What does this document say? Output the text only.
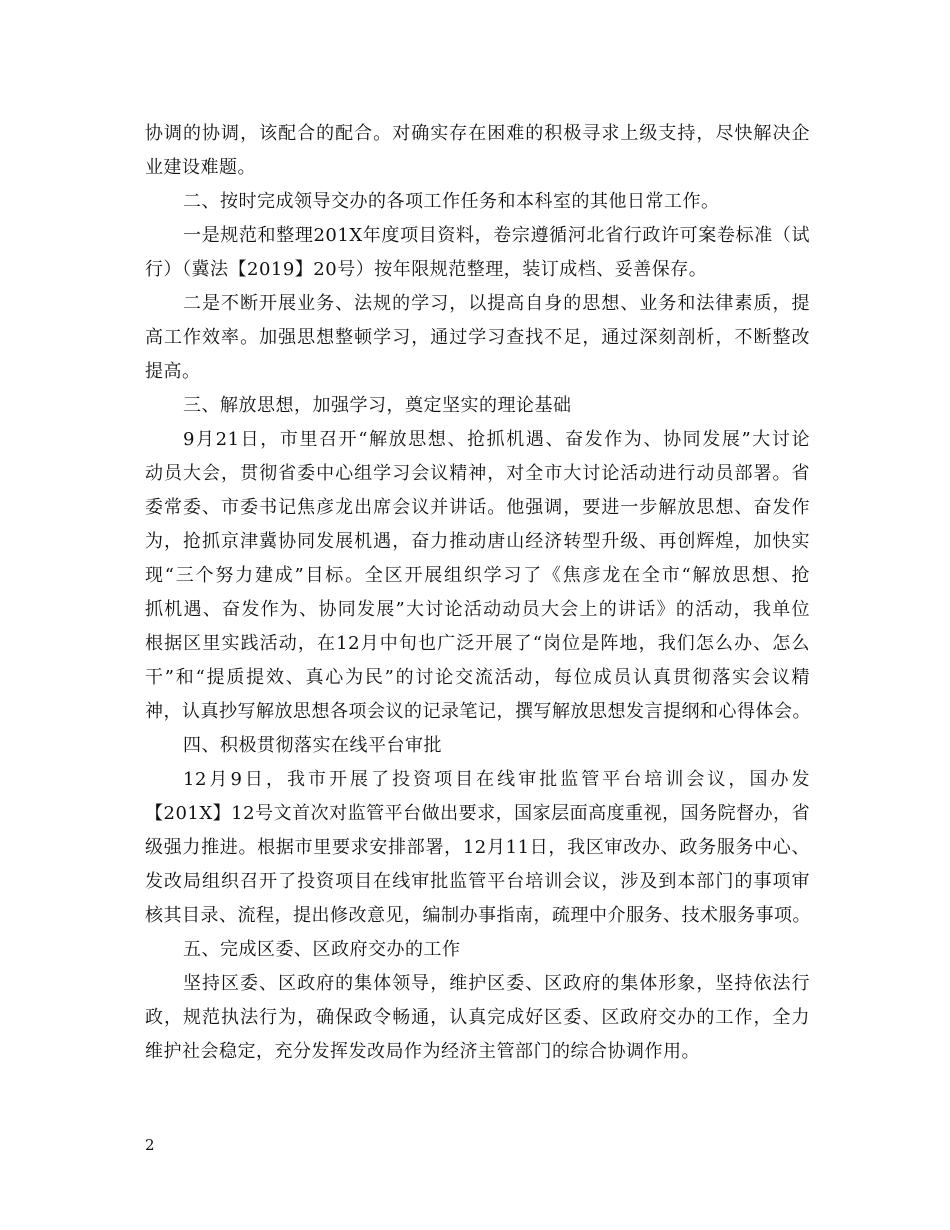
协调的协调，该配合的配合。对确实存在困难的积极寻求上级支持，尽快解决企
业建设难题。
二、按时完成领导交办的各项工作任务和本科室的其他日常工作。
一是规范和整理201X年度项目资料，卷宗遵循河北省行政许可案卷标准（试
行）（冀法【2019】20号）按年限规范整理，装订成档、妥善保存。
二是不断开展业务、法规的学习，以提高自身的思想、业务和法律素质，提
高工作效率。加强思想整顿学习，通过学习查找不足，通过深刻剖析，不断整改
提高。
三、解放思想，加强学习，奠定坚实的理论基础
9月21日，市里召开“解放思想、抢抓机遇、奋发作为、协同发展”大讨论
动员大会，贯彻省委中心组学习会议精神，对全市大讨论活动进行动员部署。省
委常委、市委书记焦彦龙出席会议并讲话。他强调，要进一步解放思想、奋发作
为，抢抓京津冀协同发展机遇，奋力推动唐山经济转型升级、再创辉煌，加快实
现“三个努力建成”目标。全区开展组织学习了《焦彦龙在全市“解放思想、抢
抓机遇、奋发作为、协同发展”大讨论活动动员大会上的讲话》的活动，我单位
根据区里实践活动，在12月中旬也广泛开展了“岗位是阵地，我们怎么办、怎么
干”和“提质提效、真心为民”的讨论交流活动，每位成员认真贯彻落实会议精
神，认真抄写解放思想各项会议的记录笔记，撰写解放思想发言提纲和心得体会。
四、积极贯彻落实在线平台审批
12月9日，我市开展了投资项目在线审批监管平台培训会议，国办发
【201X】12号文首次对监管平台做出要求，国家层面高度重视，国务院督办，省
级强力推进。根据市里要求安排部署，12月11日，我区审改办、政务服务中心、
发改局组织召开了投资项目在线审批监管平台培训会议，涉及到本部门的事项审
核其目录、流程，提出修改意见，编制办事指南，疏理中介服务、技术服务事项。
五、完成区委、区政府交办的工作
坚持区委、区政府的集体领导，维护区委、区政府的集体形象，坚持依法行
政，规范执法行为，确保政令畅通，认真完成好区委、区政府交办的工作，全力
维护社会稳定，充分发挥发改局作为经济主管部门的综合协调作用。
2
